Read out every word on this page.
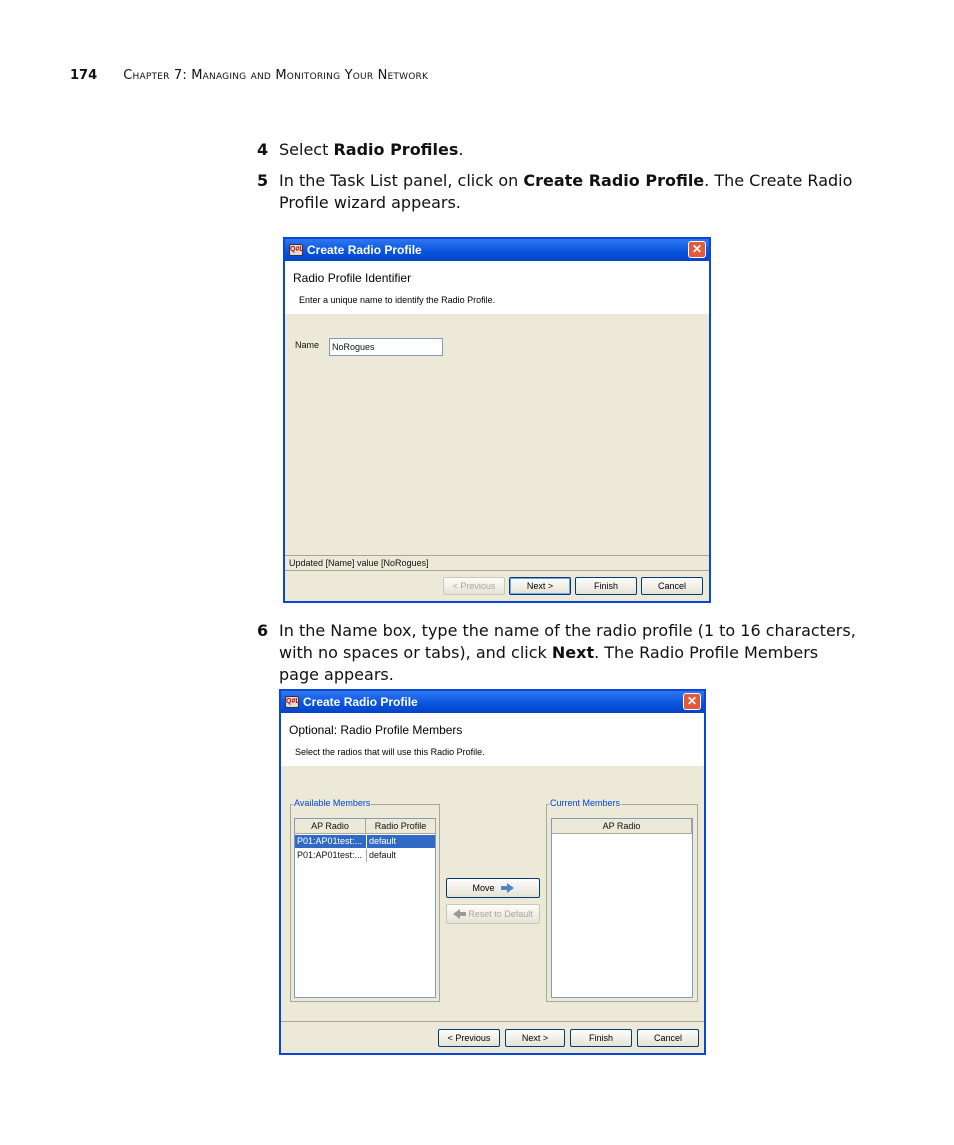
174 Chapter 7: Managing and Monitoring Your Network
4 Select Radio Profiles.
5 In the Task List panel, click on Create Radio Profile. The Create Radio Profile wizard appears.
Q#L Create Radio Profile	✕
Radio Profile Identifier
Enter a unique name to identify the Radio Profile.
Name	NoRogues
Updated [Name] value [NoRogues]
< Previous	Next >	Finish	Cancel
6 In the Name box, type the name of the radio profile (1 to 16 characters, with no spaces or tabs), and click Next. The Radio Profile Members page appears.
Q#L Create Radio Profile	✕
Optional: Radio Profile Members
Select the radios that will use this Radio Profile.
Available Members
AP Radio	Radio Profile
P01:AP01test:... default
P01:AP01test:... default
Move
Reset to Default
Current Members
AP Radio
< Previous	Next >	Finish	Cancel
